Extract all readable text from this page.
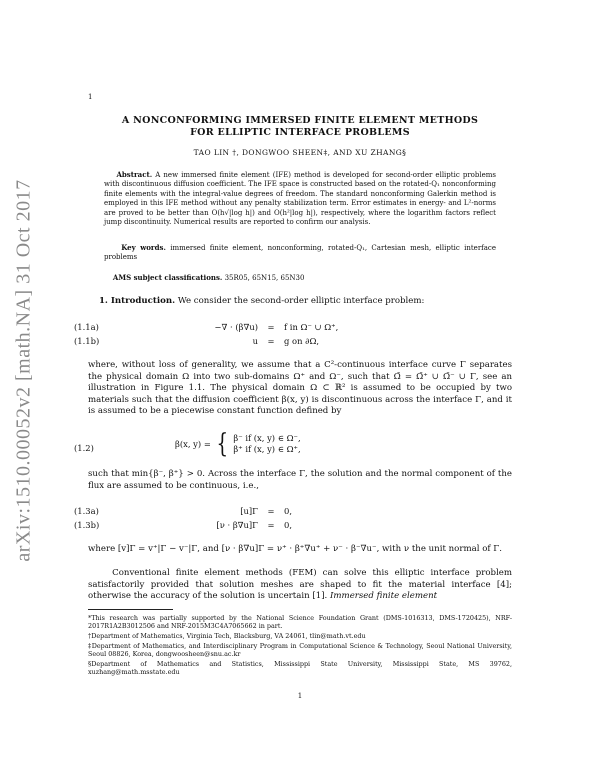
arXiv:1510.00052v2 [math.NA] 31 Oct 2017
1
A NONCONFORMING IMMERSED FINITE ELEMENT METHODS
FOR ELLIPTIC INTERFACE PROBLEMS
TAO LIN †, DONGWOO SHEEN‡, AND XU ZHANG§
Abstract. A new immersed finite element (IFE) method is developed for second-order elliptic problems with discontinuous diffusion coefficient. The IFE space is constructed based on the rotated-Q₁ nonconforming finite elements with the integral-value degrees of freedom. The standard nonconforming Galerkin method is employed in this IFE method without any penalty stabilization term. Error estimates in energy- and L²-norms are proved to be better than O(h√|log h|) and O(h²|log h|), respectively, where the logarithm factors reflect jump discontinuity. Numerical results are reported to confirm our analysis.
Key words. immersed finite element, nonconforming, rotated-Q₁, Cartesian mesh, elliptic interface problems
AMS subject classifications. 35R05, 65N15, 65N30
1. Introduction. We consider the second-order elliptic interface problem:
(1.1a)	−∇ · (β∇u)	=	f in Ω⁻ ∪ Ω⁺,
(1.1b)	u	=	g on ∂Ω,
where, without loss of generality, we assume that a C²-continuous interface curve Γ separates the physical domain Ω into two sub-domains Ω⁺ and Ω⁻, such that Ω̄ = Ω̄⁺ ∪ Ω̄⁻ ∪ Γ, see an illustration in Figure 1.1. The physical domain Ω ⊂ ℝ² is assumed to be occupied by two materials such that the diffusion coefficient β(x, y) is discontinuous across the interface Γ, and it is assumed to be a piecewise constant function defined by
(1.2)	β(x, y) = { β⁻ if (x, y) ∈ Ω⁻,
β⁺ if (x, y) ∈ Ω⁺,
such that min{β⁻, β⁺} > 0. Across the interface Γ, the solution and the normal component of the flux are assumed to be continuous, i.e.,
(1.3a)	[u]Γ	=	0,
(1.3b)	[ν · β∇u]Γ	=	0,
where [v]Γ = v⁺|Γ − v⁻|Γ, and [ν · β∇u]Γ = ν⁺ · β⁺∇u⁺ + ν⁻ · β⁻∇u⁻, with ν the unit normal of Γ.
Conventional finite element methods (FEM) can solve this elliptic interface problem satisfactorily provided that solution meshes are shaped to fit the material interface [4]; otherwise the accuracy of the solution is uncertain [1]. Immersed finite element
*This research was partially supported by the National Science Foundation Grant (DMS-1016313, DMS-1720425), NRF-2017R1A2B3012506 and NRF-2015M3C4A7065662 in part.
†Department of Mathematics, Virginia Tech, Blacksburg, VA 24061, tlin@math.vt.edu
‡Department of Mathematics, and Interdisciplinary Program in Computational Science & Technology, Seoul National University, Seoul 08826, Korea, dongwoosheen@snu.ac.kr
§Department of Mathematics and Statistics, Mississippi State University, Mississippi State, MS 39762, xuzhang@math.msstate.edu
1
